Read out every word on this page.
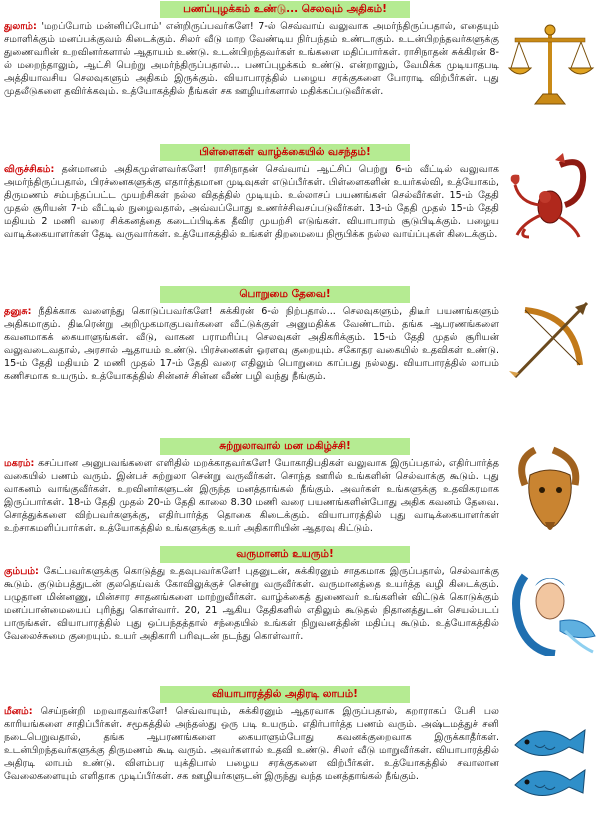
பணப்புழக்கம் உண்டு... செலவும் அதிகம்!
துலாம்: 'மறப்போம் மன்னிப்போம்' என்றிருப்பவர்களே! 7-ல் செவ்வாய் வலுவாக அமர்ந்திருப்பதால், எதையும் சமாளிக்கும் மனப்பக்குவம் கிடைக்கும். சிலர் வீடு மாற வேண்டிய நிர்பந்தம் உண்டாகும். உடன்பிறந்தவர்களுக்கு துணைவரின் உறவினர்களால் ஆதாயம் உண்டு. உடன்பிறந்தவர்கள் உங்களை மதிப்பார்கள். ராசிநாதன் சுக்கிரன் 8-ல் மறைந்தாலும், ஆட்சி பெற்று அமர்ந்திருப்பதால்... பணப்புழக்கம் உண்டு. என்றாலும், வேமிக்க முடியாதபடி அத்தியாவசிய செலவுகளும் அதிகம் இருக்கும். வியாபாரத்தில் பழைய சரக்குகளை போராடி விற்பீர்கள். புது முதலீடுகளை தவிர்க்கவும். உத்யோகத்தில் நீங்கள் சக ஊழியர்களால் மதிக்கப்படுவீர்கள்.
பிள்ளைகள் வாழ்க்கையில் வசந்தம்!
விருச்சிகம்: தன்மானம் அதிகமுள்ளவர்களே! ராசிநாதன் செவ்வாய் ஆட்சிப் பெற்று 6-ம் வீட்டில் வலுவாக அமர்ந்திருப்பதால், பிரச்னைகளுக்கு எதார்த்தமான முடிவுகள் எடுப்பீர்கள். பிள்ளைகளின் உயர்கல்வி, உத்யோகம், திருமணம் சம்பந்தப்பட்ட முயற்சிகள் நல்ல விதத்தில் முடியும். உல்லாசப் பயணங்கள் செல்வீர்கள். 15-ம் தேதி முதல் சூரியன் 7-ம் வீட்டில் நுழைவதால், அவ்வப்போது உணர்ச்சிவசப்படுவீர்கள். 13-ம் தேதி முதல் 15-ம் தேதி மதியம் 2 மணி வரை சிக்கனத்தை கடைப்பிடிக்க தீவிர முயற்சி எடுங்கள். வியாபாரம் சூடுபிடிக்கும். பழைய வாடிக்கையாளர்கள் தேடி வருவார்கள். உத்யோகத்தில் உங்கள் திறமையை நிரூபிக்க நல்ல வாய்ப்புகள் கிடைக்கும்.
பொறுமை தேவை!
தனுசு: நீதிக்காக வளைந்து கொடுப்பவர்களே! சுக்கிரன் 6-ல் நிற்பதால்... செலவுகளும், திடீர் பயணங்களும் அதிகமாகும். திடீரென்று அறிமுகமாகுபவர்களை வீட்டுக்குள் அனுமதிக்க வேண்டாம். தங்க ஆபரணங்களை கவனமாகக் கையாளுங்கள். வீடு, வாகன பராமரிப்பு செலவுகள் அதிகரிக்கும். 15-ம் தேதி முதல் சூரியன் வலுவடைவதால், அரசால் ஆதாயம் உண்டு. பிரச்னைகள் ஓரளவு குறையும். சகோதர வகையில் உதவிகள் உண்டு. 15-ம் தேதி மதியம் 2 மணி முதல் 17-ம் தேதி வரை எதிலும் பொறுமை காப்பது நல்லது. வியாபாரத்தில் லாபம் கணிசமாக உயரும். உத்யோகத்தில் சின்னச் சின்ன வீண் பழி வந்து நீங்கும்.
சுற்றுலாவால் மன மகிழ்ச்சி!
மகரம்: கசப்பான அனுபவங்களை எளிதில் மறக்காதவர்களே! யோகாதிபதிகள் வலுவாக இருப்பதால், எதிர்பார்த்த வகையில் பணம் வரும். இன்பச் சுற்றுலா சென்று வருவீர்கள். சொந்த ஊரில் உங்களின் செல்வாக்கு கூடும். புது வாகனம் வாங்குவீர்கள். உறவினர்களுடன் இருந்த மனத்தாங்கல் நீங்கும். அவர்கள் உங்களுக்கு உதவிகரமாக இருப்பார்கள். 18-ம் தேதி முதல் 20-ம் தேதி காலை 8.30 மணி வரை பயணங்களின்போது அதிக கவனம் தேவை. சொத்துக்களை விற்பவர்களுக்கு, எதிர்பார்த்த தொகை கிடைக்கும். வியாபாரத்தில் புது வாடிக்கையாளர்கள் உற்சாகமளிப்பார்கள். உத்யோகத்தில் உங்களுக்கு உயர் அதிகாரியின் ஆதரவு கிட்டும்.
வருமானம் உயரும்!
கும்பம்: கேட்பவர்களுக்கு கொடுத்து உதவுபவர்களே! புதனுடன், சுக்கிரனும் சாதகமாக இருப்பதால், செல்வாக்கு கூடும். குடும்பத்துடன் குலதெய்வக் கோவிலுக்குச் சென்று வருவீர்கள். வருமானத்தை உயர்த்த வழி கிடைக்கும். பழுதான மின்னணு, மின்சார சாதனங்களை மாற்றுவீர்கள். வாழ்க்கைத் துணைவர் உங்களின் விட்டுக் கொடுக்கும் மனப்பான்மையைப் புரிந்து கொள்வார். 20, 21 ஆகிய தேதிகளில் எதிலும் கூடுதல் நிதானத்துடன் செயல்படப் பாருங்கள். வியாபாரத்தில் புது ஒப்பந்தத்தால் சந்தையில் உங்கள் நிறுவனத்தின் மதிப்பு கூடும். உத்யோகத்தில் வேலைச்சுமை குறையும். உயர் அதிகாரி பரிவுடன் நடந்து கொள்வார்.
வியாபாரத்தில் அதிரடி லாபம்!
மீனம்: செய்நன்றி மறவாதவர்களே! செவ்வாயும், சுக்கிரனும் ஆதரவாக இருப்பதால், கறாராகப் பேசி பல காரியங்களை சாதிப்பீர்கள். சமூகத்தில் அந்தஸ்து ஒரு படி உயரும். எதிர்பார்த்த பணம் வரும். அஷ்டமத்துச் சனி நடைபெறுவதால், தங்க ஆபரணங்களை கையாளும்போது கவனக்குறைவாக இருக்காதீர்கள். உடன்பிறந்தவர்களுக்கு திருமணம் கூடி வரும். அவர்களால் உதவி உண்டு. சிலர் வீடு மாறுவீர்கள். வியாபாரத்தில் அதிரடி லாபம் உண்டு. விளம்பர யுக்திபால் பழைய சரக்குகளை விற்பீர்கள். உத்யோகத்தில் சவாலான வேலைகளையும் எளிதாக முடிப்பீர்கள். சக ஊழியர்களுடன் இருந்து வந்த மனத்தாங்கல் நீங்கும்.
